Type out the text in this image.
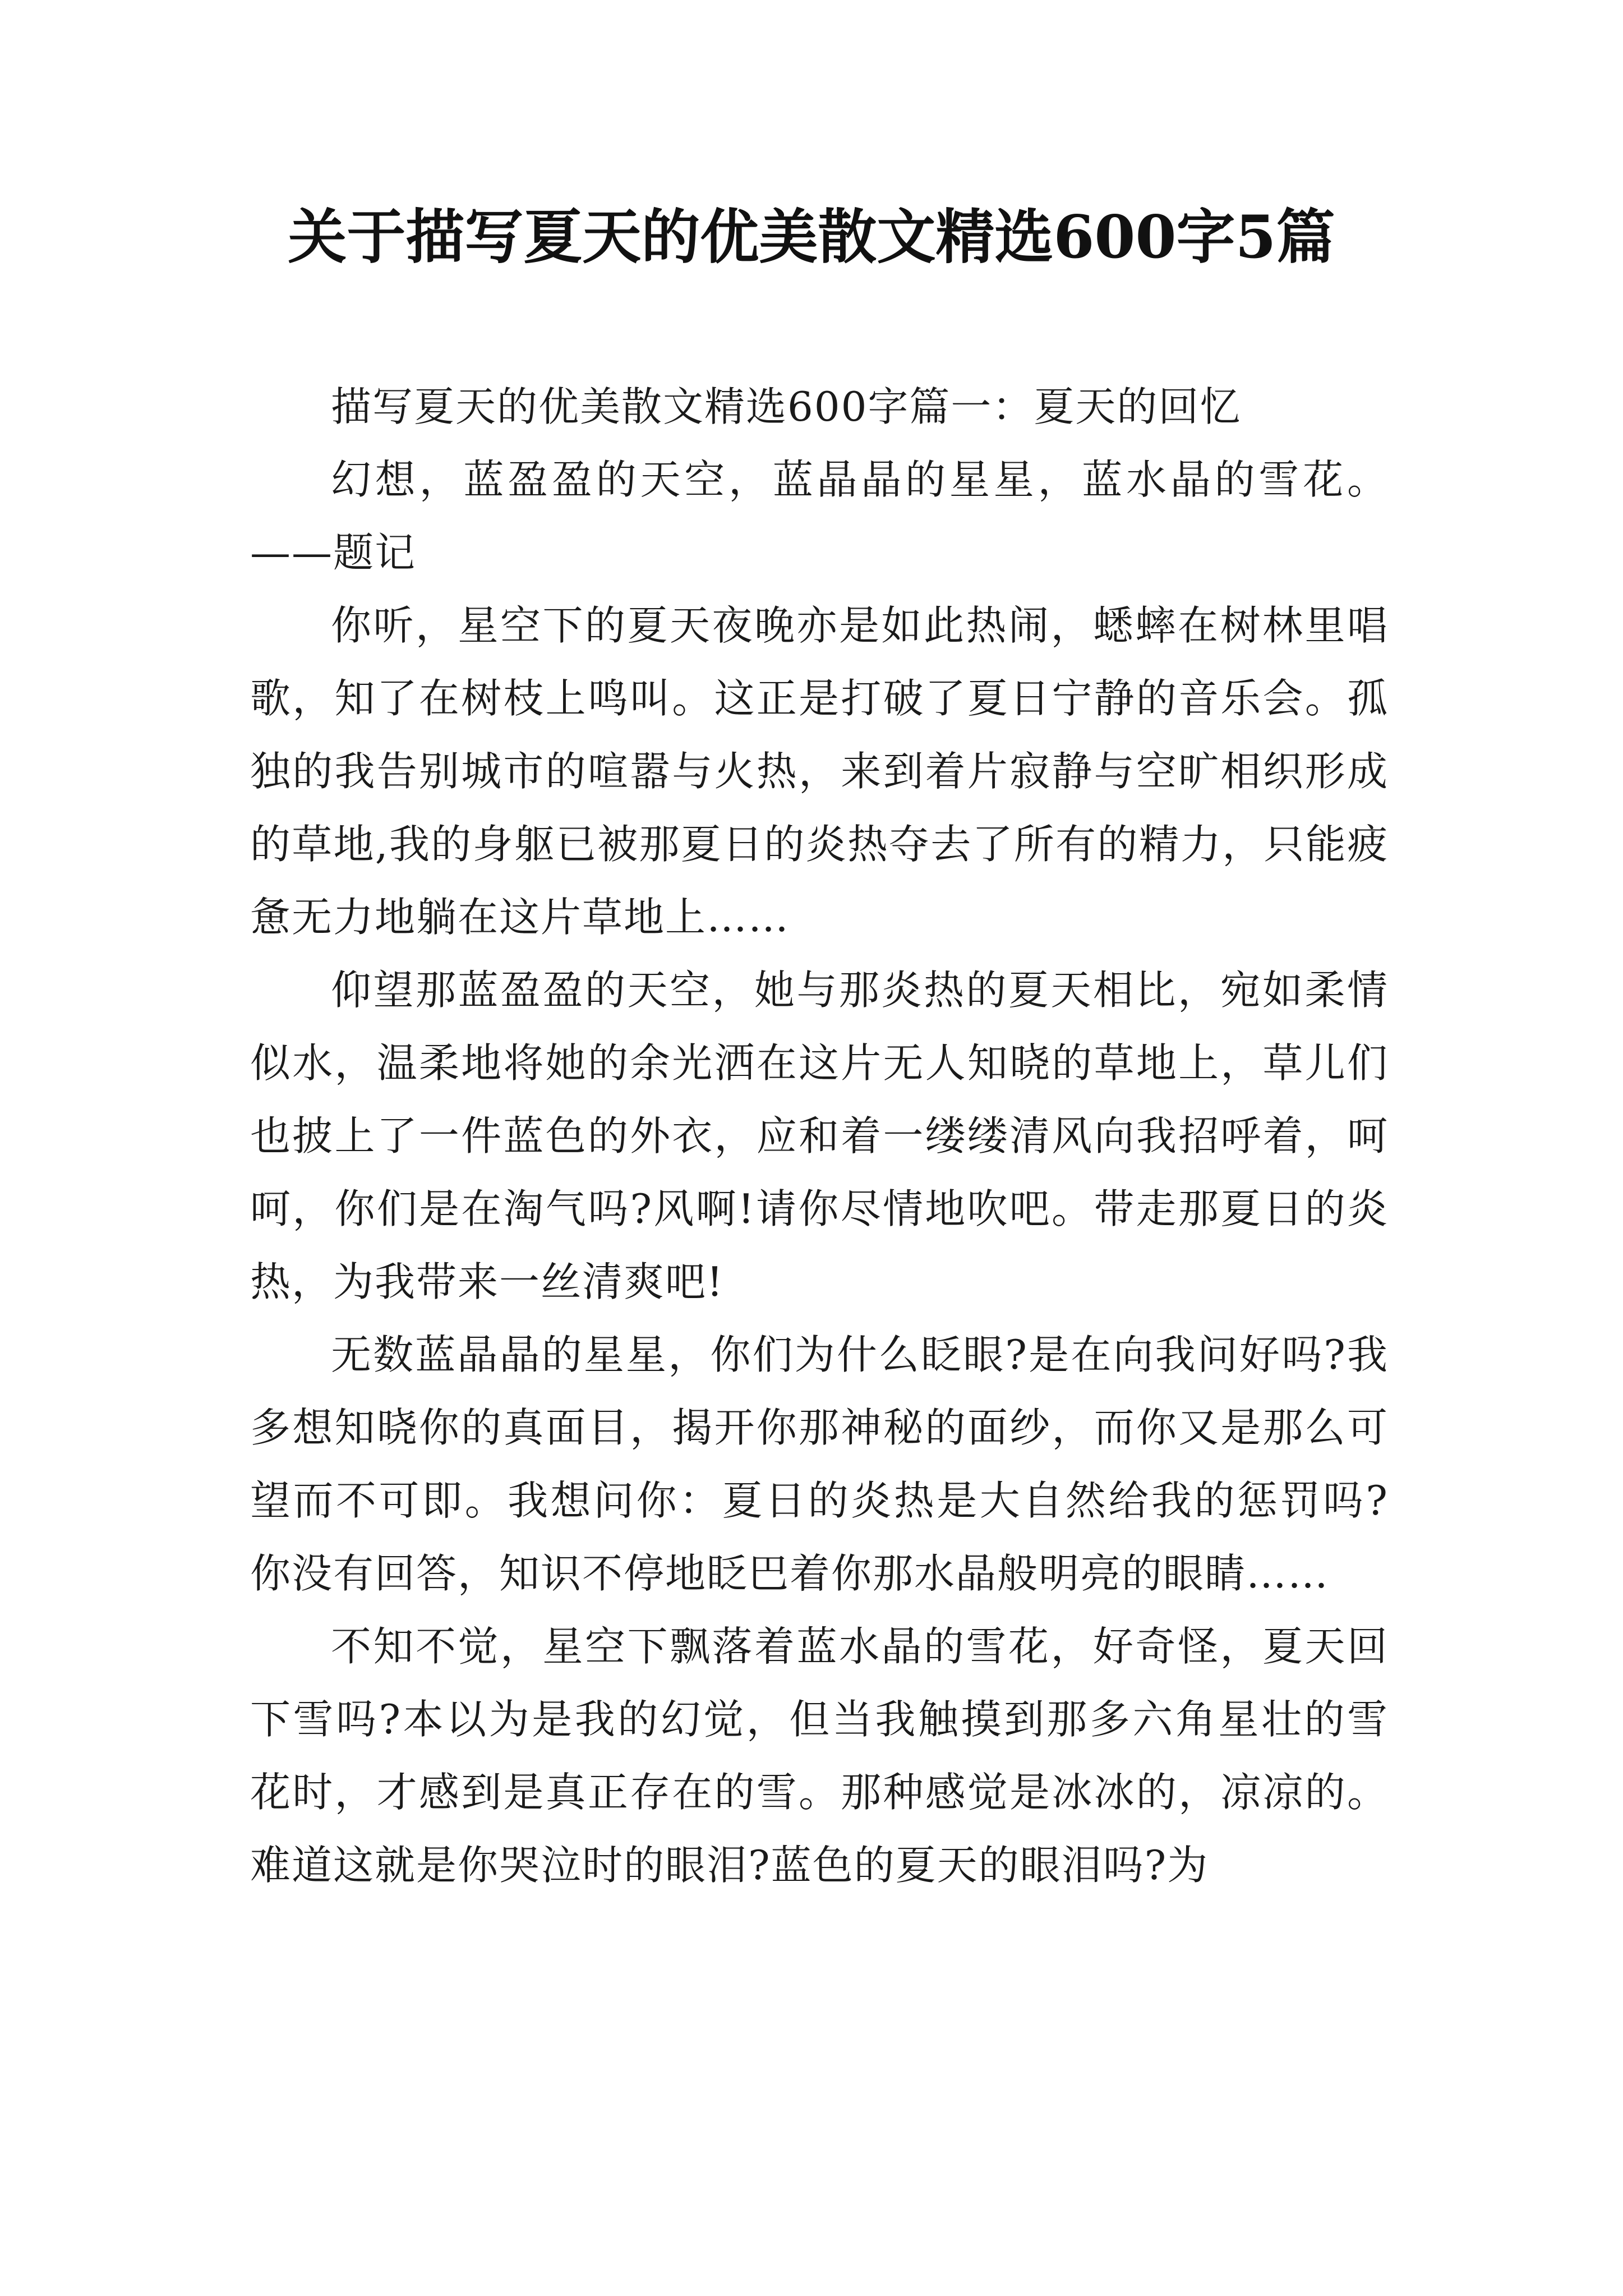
关于描写夏天的优美散文精选600字5篇

描写夏天的优美散文精选600字篇一：夏天的回忆

幻想，蓝盈盈的天空，蓝晶晶的星星，蓝水晶的雪花。——题记

你听，星空下的夏天夜晚亦是如此热闹，蟋蟀在树林里唱歌，知了在树枝上鸣叫。这正是打破了夏日宁静的音乐会。孤独的我告别城市的喧嚣与火热，来到着片寂静与空旷相织形成的草地,我的身躯已被那夏日的炎热夺去了所有的精力，只能疲惫无力地躺在这片草地上……

仰望那蓝盈盈的天空，她与那炎热的夏天相比，宛如柔情似水，温柔地将她的余光洒在这片无人知晓的草地上，草儿们也披上了一件蓝色的外衣，应和着一缕缕清风向我招呼着，呵呵，你们是在淘气吗?风啊!请你尽情地吹吧。带走那夏日的炎热，为我带来一丝清爽吧!

无数蓝晶晶的星星，你们为什么眨眼?是在向我问好吗?我多想知晓你的真面目，揭开你那神秘的面纱，而你又是那么可望而不可即。我想问你：夏日的炎热是大自然给我的惩罚吗?你没有回答，知识不停地眨巴着你那水晶般明亮的眼睛……

不知不觉，星空下飘落着蓝水晶的雪花，好奇怪，夏天回下雪吗?本以为是我的幻觉，但当我触摸到那多六角星壮的雪花时，才感到是真正存在的雪。那种感觉是冰冰的，凉凉的。难道这就是你哭泣时的眼泪?蓝色的夏天的眼泪吗?为
